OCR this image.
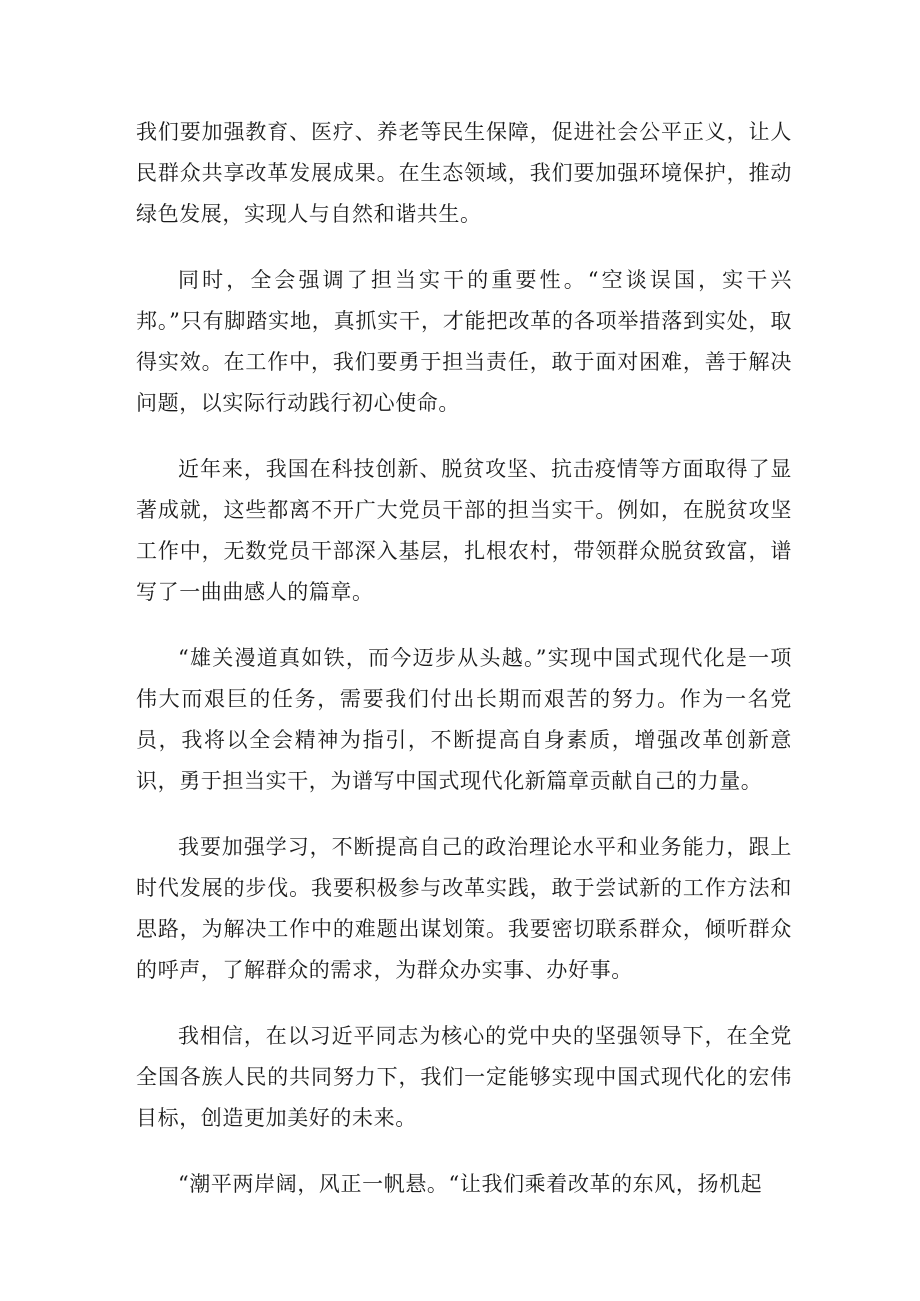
我们要加强教育、医疗、养老等民生保障，促进社会公平正义，让人民群众共享改革发展成果。在生态领域，我们要加强环境保护，推动绿色发展，实现人与自然和谐共生。

同时，全会强调了担当实干的重要性。“空谈误国，实干兴邦。”只有脚踏实地，真抓实干，才能把改革的各项举措落到实处，取得实效。在工作中，我们要勇于担当责任，敢于面对困难，善于解决问题，以实际行动践行初心使命。

近年来，我国在科技创新、脱贫攻坚、抗击疫情等方面取得了显著成就，这些都离不开广大党员干部的担当实干。例如，在脱贫攻坚工作中，无数党员干部深入基层，扎根农村，带领群众脱贫致富，谱写了一曲曲感人的篇章。

“雄关漫道真如铁，而今迈步从头越。”实现中国式现代化是一项伟大而艰巨的任务，需要我们付出长期而艰苦的努力。作为一名党员，我将以全会精神为指引，不断提高自身素质，增强改革创新意识，勇于担当实干，为谱写中国式现代化新篇章贡献自己的力量。

我要加强学习，不断提高自己的政治理论水平和业务能力，跟上时代发展的步伐。我要积极参与改革实践，敢于尝试新的工作方法和思路，为解决工作中的难题出谋划策。我要密切联系群众，倾听群众的呼声，了解群众的需求，为群众办实事、办好事。

我相信，在以习近平同志为核心的党中央的坚强领导下，在全党全国各族人民的共同努力下，我们一定能够实现中国式现代化的宏伟目标，创造更加美好的未来。

“潮平两岸阔，风正一帆悬。“让我们乘着改革的东风，扬机起
